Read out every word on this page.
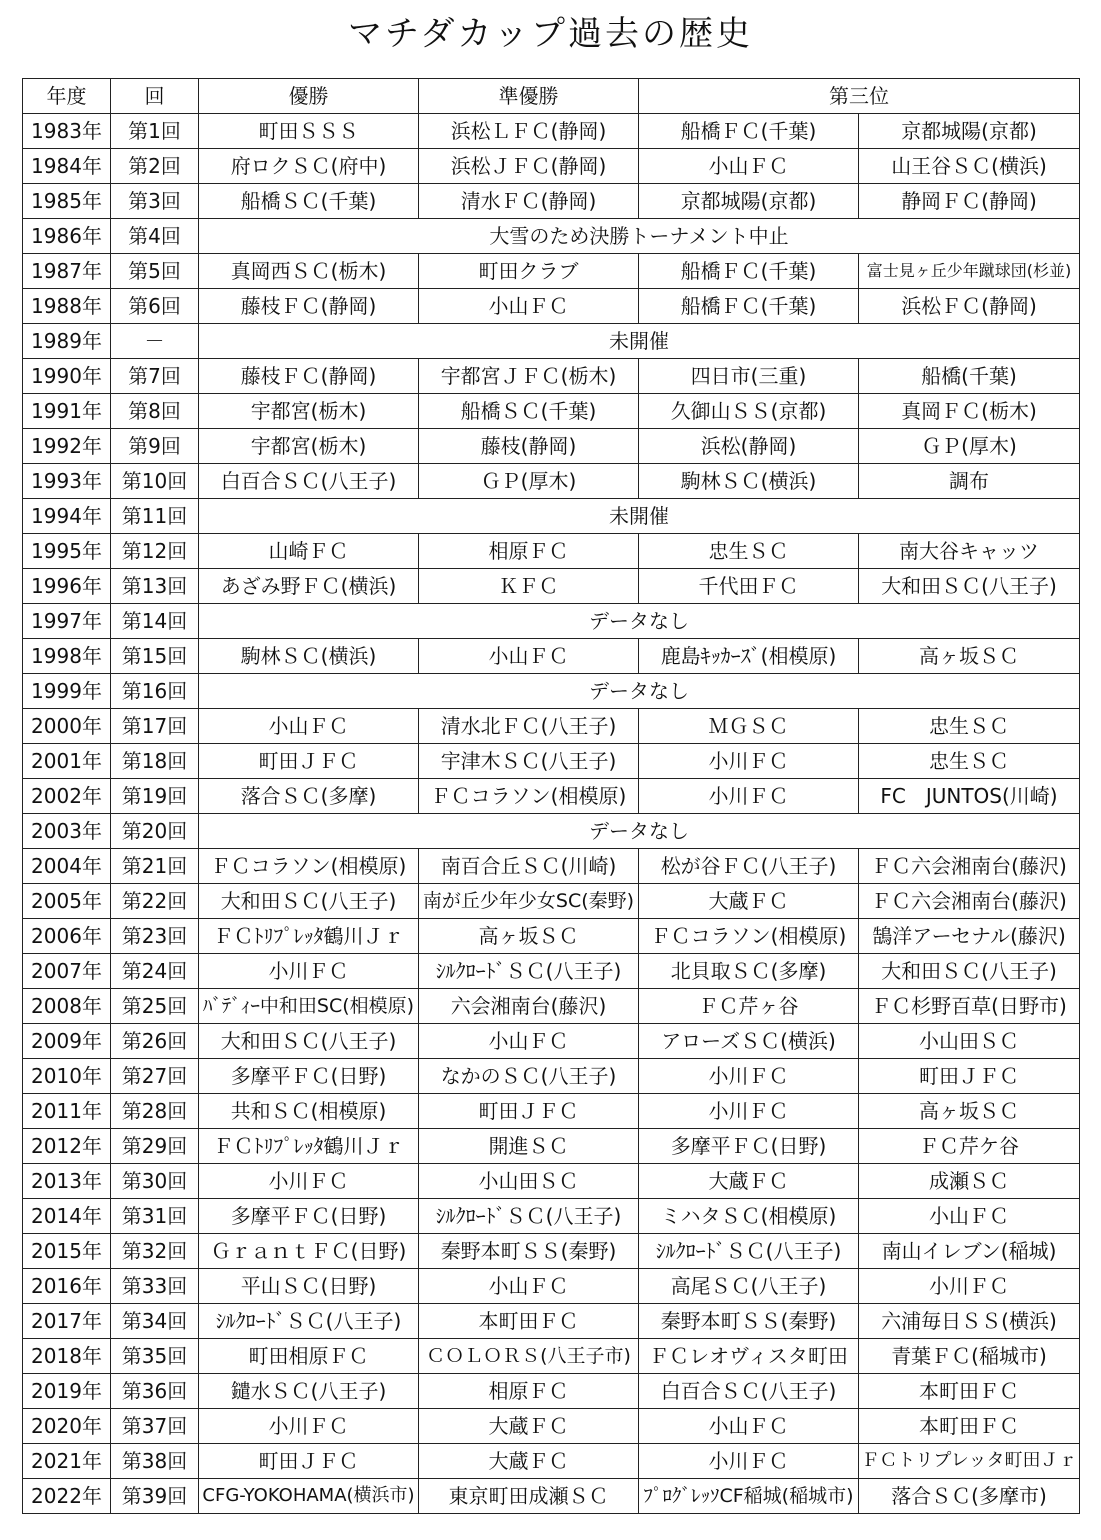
マチダカップ過去の歴史
年度	回	優勝	準優勝	第三位	
1983年	第1回	町田ＳＳＳ	浜松ＬＦＣ(静岡)	船橋ＦＣ(千葉)	京都城陽(京都)
1984年	第2回	府ロクＳＣ(府中)	浜松ＪＦＣ(静岡)	小山ＦＣ	山王谷ＳＣ(横浜)
1985年	第3回	船橋ＳＣ(千葉)	清水ＦＣ(静岡)	京都城陽(京都)	静岡ＦＣ(静岡)
1986年	第4回	大雪のため決勝トーナメント中止			
1987年	第5回	真岡西ＳＣ(栃木)	町田クラブ	船橋ＦＣ(千葉)	富士見ヶ丘少年蹴球団(杉並)
1988年	第6回	藤枝ＦＣ(静岡)	小山ＦＣ	船橋ＦＣ(千葉)	浜松ＦＣ(静岡)
1989年	－	未開催			
1990年	第7回	藤枝ＦＣ(静岡)	宇都宮ＪＦＣ(栃木)	四日市(三重)	船橋(千葉)
1991年	第8回	宇都宮(栃木)	船橋ＳＣ(千葉)	久御山ＳＳ(京都)	真岡ＦＣ(栃木)
1992年	第9回	宇都宮(栃木)	藤枝(静岡)	浜松(静岡)	ＧＰ(厚木)
1993年	第10回	白百合ＳＣ(八王子)	ＧＰ(厚木)	駒林ＳＣ(横浜)	調布
1994年	第11回	未開催			
1995年	第12回	山崎ＦＣ	相原ＦＣ	忠生ＳＣ	南大谷キャッツ
1996年	第13回	あざみ野ＦＣ(横浜)	ＫＦＣ	千代田ＦＣ	大和田ＳＣ(八王子)
1997年	第14回	データなし			
1998年	第15回	駒林ＳＣ(横浜)	小山ＦＣ	鹿島ｷｯｶｰｽﾞ(相模原)	高ヶ坂ＳＣ
1999年	第16回	データなし			
2000年	第17回	小山ＦＣ	清水北ＦＣ(八王子)	ＭＧＳＣ	忠生ＳＣ
2001年	第18回	町田ＪＦＣ	宇津木ＳＣ(八王子)	小川ＦＣ	忠生ＳＣ
2002年	第19回	落合ＳＣ(多摩)	ＦＣコラソン(相模原)	小川ＦＣ	FC　JUNTOS(川崎)
2003年	第20回	データなし			
2004年	第21回	ＦＣコラソン(相模原)	南百合丘ＳＣ(川崎)	松が谷ＦＣ(八王子)	ＦＣ六会湘南台(藤沢)
2005年	第22回	大和田ＳＣ(八王子)	南が丘少年少女SC(秦野)	大蔵ＦＣ	ＦＣ六会湘南台(藤沢)
2006年	第23回	ＦＣﾄﾘﾌﾟﾚｯﾀ鶴川Ｊｒ	高ヶ坂ＳＣ	ＦＣコラソン(相模原)	鵠洋アーセナル(藤沢)
2007年	第24回	小川ＦＣ	ｼﾙｸﾛｰﾄﾞＳＣ(八王子)	北貝取ＳＣ(多摩)	大和田ＳＣ(八王子)
2008年	第25回	ﾊﾞﾃﾞｨｰ中和田SC(相模原)	六会湘南台(藤沢)	ＦＣ芹ヶ谷	ＦＣ杉野百草(日野市)
2009年	第26回	大和田ＳＣ(八王子)	小山ＦＣ	アローズＳＣ(横浜)	小山田ＳＣ
2010年	第27回	多摩平ＦＣ(日野)	なかのＳＣ(八王子)	小川ＦＣ	町田ＪＦＣ
2011年	第28回	共和ＳＣ(相模原)	町田ＪＦＣ	小川ＦＣ	高ヶ坂ＳＣ
2012年	第29回	ＦＣﾄﾘﾌﾟﾚｯﾀ鶴川Ｊｒ	開進ＳＣ	多摩平ＦＣ(日野)	ＦＣ芹ケ谷
2013年	第30回	小川ＦＣ	小山田ＳＣ	大蔵ＦＣ	成瀬ＳＣ
2014年	第31回	多摩平ＦＣ(日野)	ｼﾙｸﾛｰﾄﾞＳＣ(八王子)	ミハタＳＣ(相模原)	小山ＦＣ
2015年	第32回	ＧｒａｎｔＦＣ(日野)	秦野本町ＳＳ(秦野)	ｼﾙｸﾛｰﾄﾞＳＣ(八王子)	南山イレブン(稲城)
2016年	第33回	平山ＳＣ(日野)	小山ＦＣ	高尾ＳＣ(八王子)	小川ＦＣ
2017年	第34回	ｼﾙｸﾛｰﾄﾞＳＣ(八王子)	本町田ＦＣ	秦野本町ＳＳ(秦野)	六浦毎日ＳＳ(横浜)
2018年	第35回	町田相原ＦＣ	ＣＯＬＯＲＳ(八王子市)	ＦＣレオヴィスタ町田	青葉ＦＣ(稲城市)
2019年	第36回	鑓水ＳＣ(八王子)	相原ＦＣ	白百合ＳＣ(八王子)	本町田ＦＣ
2020年	第37回	小川ＦＣ	大蔵ＦＣ	小山ＦＣ	本町田ＦＣ
2021年	第38回	町田ＪＦＣ	大蔵ＦＣ	小川ＦＣ	ＦＣトリプレッタ町田Ｊｒ
2022年	第39回	CFG-YOKOHAMA(横浜市)	東京町田成瀬ＳＣ	ﾌﾟﾛｸﾞﾚｯｿCF稲城(稲城市)	落合ＳＣ(多摩市)
